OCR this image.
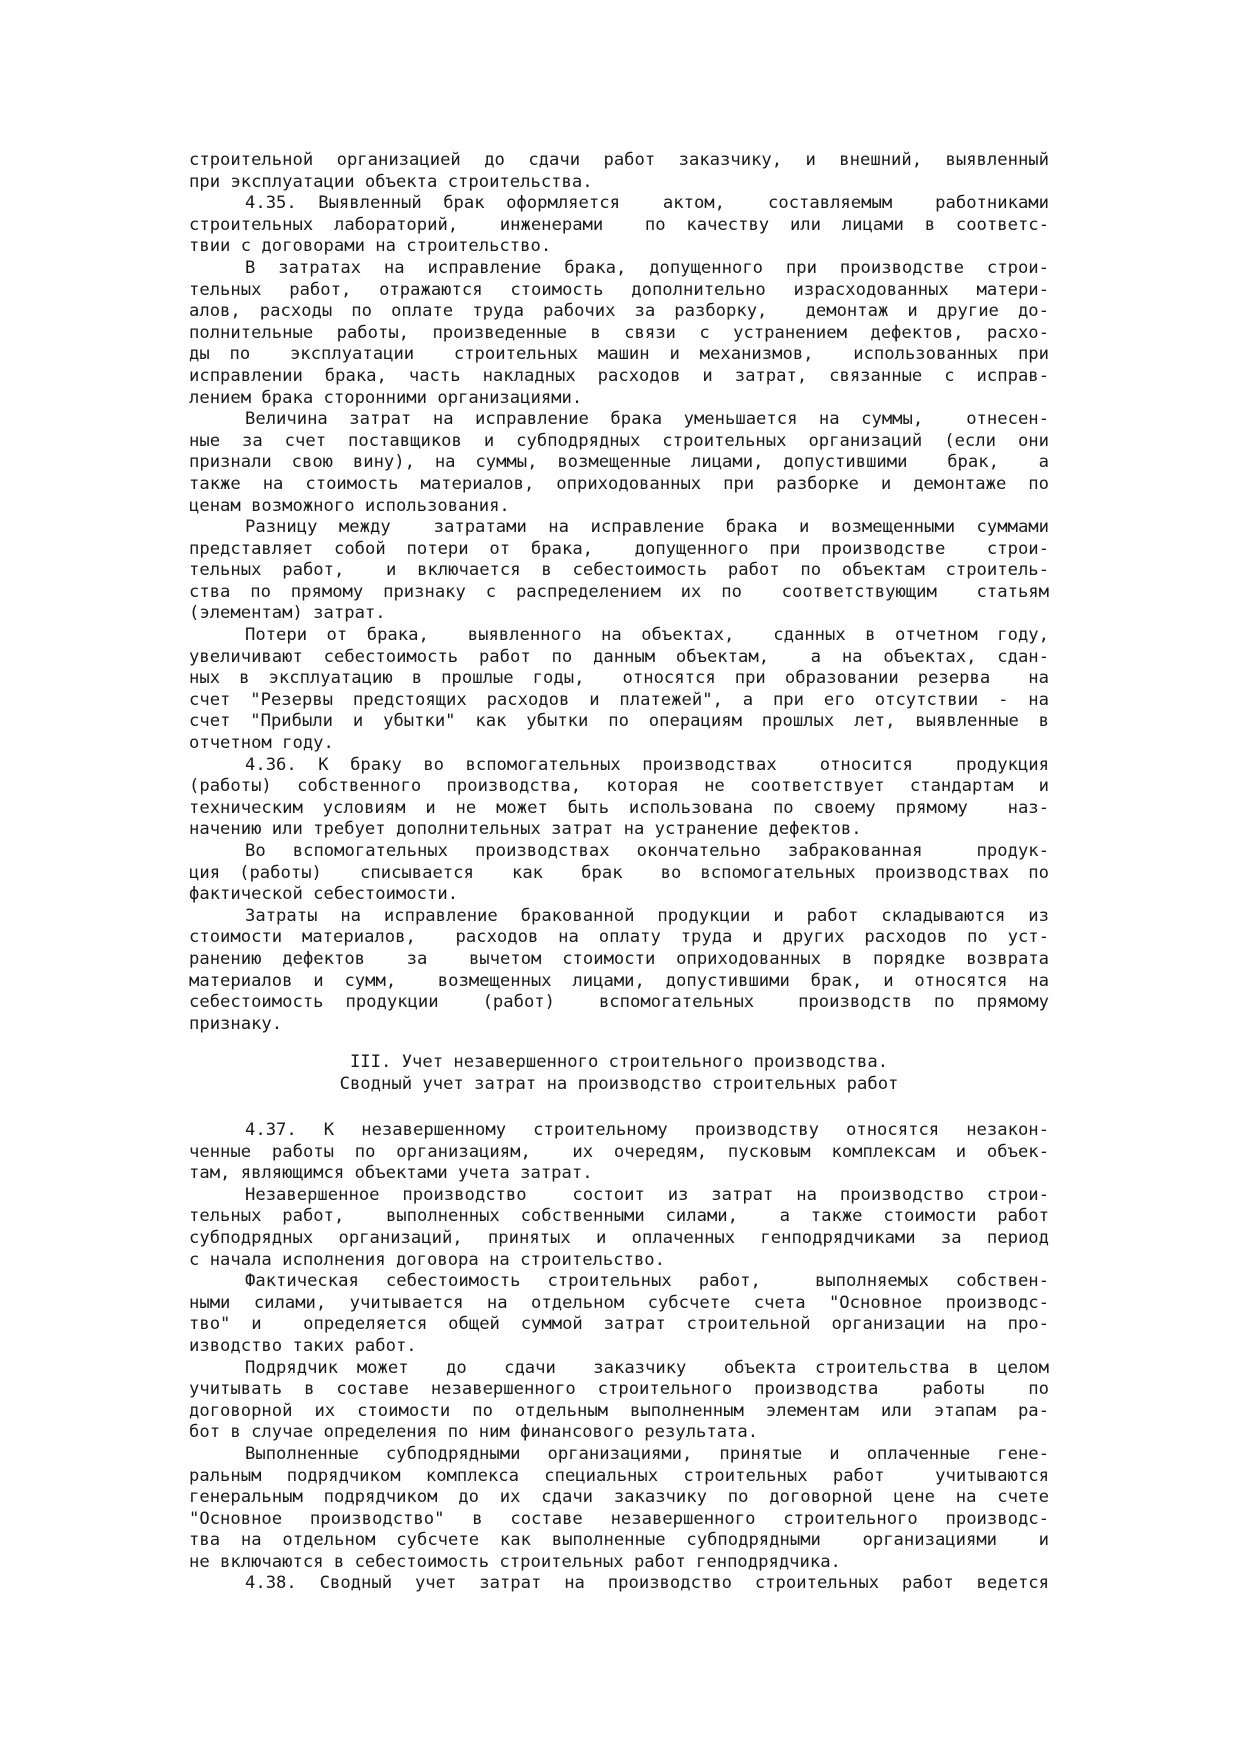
строительной организацией до сдачи работ заказчику, и внешний, выявленный
при эксплуатации объекта строительства.
4.35. Выявленный брак оформляется  актом,  составляемым  работниками
строительных лабораторий,  инженерами  по качеству или лицами в соответс-
твии с договорами на строительство.
В затратах на исправление брака, допущенного при производстве строи-
тельных работ, отражаются стоимость дополнительно израсходованных матери-
алов, расходы по оплате труда рабочих за разборку,  демонтаж и другие до-
полнительные работы, произведенные в связи с устранением дефектов, расхо-
ды по  эксплуатации  строительных машин и механизмов,  использованных при
исправлении брака, часть накладных расходов и затрат, связанные с исправ-
лением брака сторонними организациями.
Величина затрат на исправление брака уменьшается на суммы,  отнесен-
ные за счет поставщиков и субподрядных строительных организаций (если они
признали свою вину), на суммы, возмещенные лицами, допустившими  брак,  а
также на стоимость материалов, оприходованных при разборке и демонтаже по
ценам возможного использования.
Разницу между  затратами на исправление брака и возмещенными суммами
представляет собой потери от брака,  допущенного при производстве  строи-
тельных работ,  и включается в себестоимость работ по объектам строитель-
ства по прямому признаку с распределением их по  соответствующим  статьям
(элементам) затрат.
Потери от брака,  выявленного на объектах,  сданных в отчетном году,
увеличивают себестоимость работ по данным объектам,  а на объектах, сдан-
ных в эксплуатацию в прошлые годы,  относятся при образовании резерва  на
счет "Резервы предстоящих расходов и платежей", а при его отсутствии - на
счет "Прибыли и убытки" как убытки по операциям прошлых лет, выявленные в
отчетном году.
4.36. К браку во вспомогательных производствах  относится  продукция
(работы) собственного производства, которая не соответствует стандартам и
техническим условиям и не может быть использована по своему прямому  наз-
начению или требует дополнительных затрат на устранение дефектов.
Во вспомогательных производствах окончательно забракованная  продук-
ция (работы)  списывается  как  брак  во вспомогательных производствах по
фактической себестоимости.
Затраты на исправление бракованной продукции и работ складываются из
стоимости материалов,  расходов на оплату труда и других расходов по уст-
ранению дефектов  за  вычетом стоимости оприходованных в порядке возврата
материалов и сумм,  возмещенных лицами, допустившими брак, и относятся на
себестоимость продукции  (работ)  вспомогательных  производств по прямому
признаку.
III. Учет незавершенного строительного производства.
Сводный учет затрат на производство строительных работ
4.37. К незавершенному строительному производству относятся незакон-
ченные работы по организациям,  их очередям, пусковым комплексам и объек-
там, являющимся объектами учета затрат.
Незавершенное производство  состоит из затрат на производство строи-
тельных работ,  выполненных собственными силами,  а также стоимости работ
субподрядных организаций, принятых и оплаченных генподрядчиками за период
с начала исполнения договора на строительство.
Фактическая себестоимость строительных работ,  выполняемых собствен-
ными силами, учитывается на отдельном субсчете счета "Основное производс-
тво" и  определяется общей суммой затрат строительной организации на про-
изводство таких работ.
Подрядчик может  до  сдачи  заказчику  объекта строительства в целом
учитывать в составе незавершенного строительного производства  работы  по
договорной их стоимости по отдельным выполненным элементам или этапам ра-
бот в случае определения по ним финансового результата.
Выполненные субподрядными организациями, принятые и оплаченные гене-
ральным подрядчиком комплекса специальных строительных работ  учитываются
генеральным подрядчиком до их сдачи заказчику по договорной цене на счете
"Основное производство" в составе незавершенного строительного производс-
тва на отдельном субсчете как выполненные субподрядными  организациями  и
не включаются в себестоимость строительных работ генподрядчика.
4.38. Сводный учет затрат на производство строительных работ ведется
